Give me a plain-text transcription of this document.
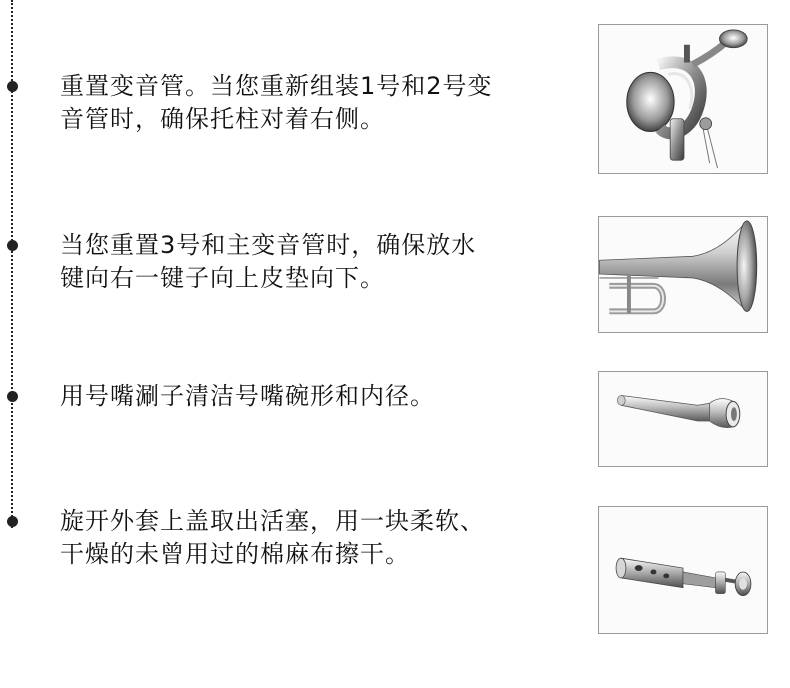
重置变音管。当您重新组装1号和2号变
音管时，确保托柱对着右侧。
当您重置3号和主变音管时，确保放水
键向右一键子向上皮垫向下。
用号嘴涮子清洁号嘴碗形和内径。
旋开外套上盖取出活塞，用一块柔软、
干燥的未曾用过的棉麻布擦干。
